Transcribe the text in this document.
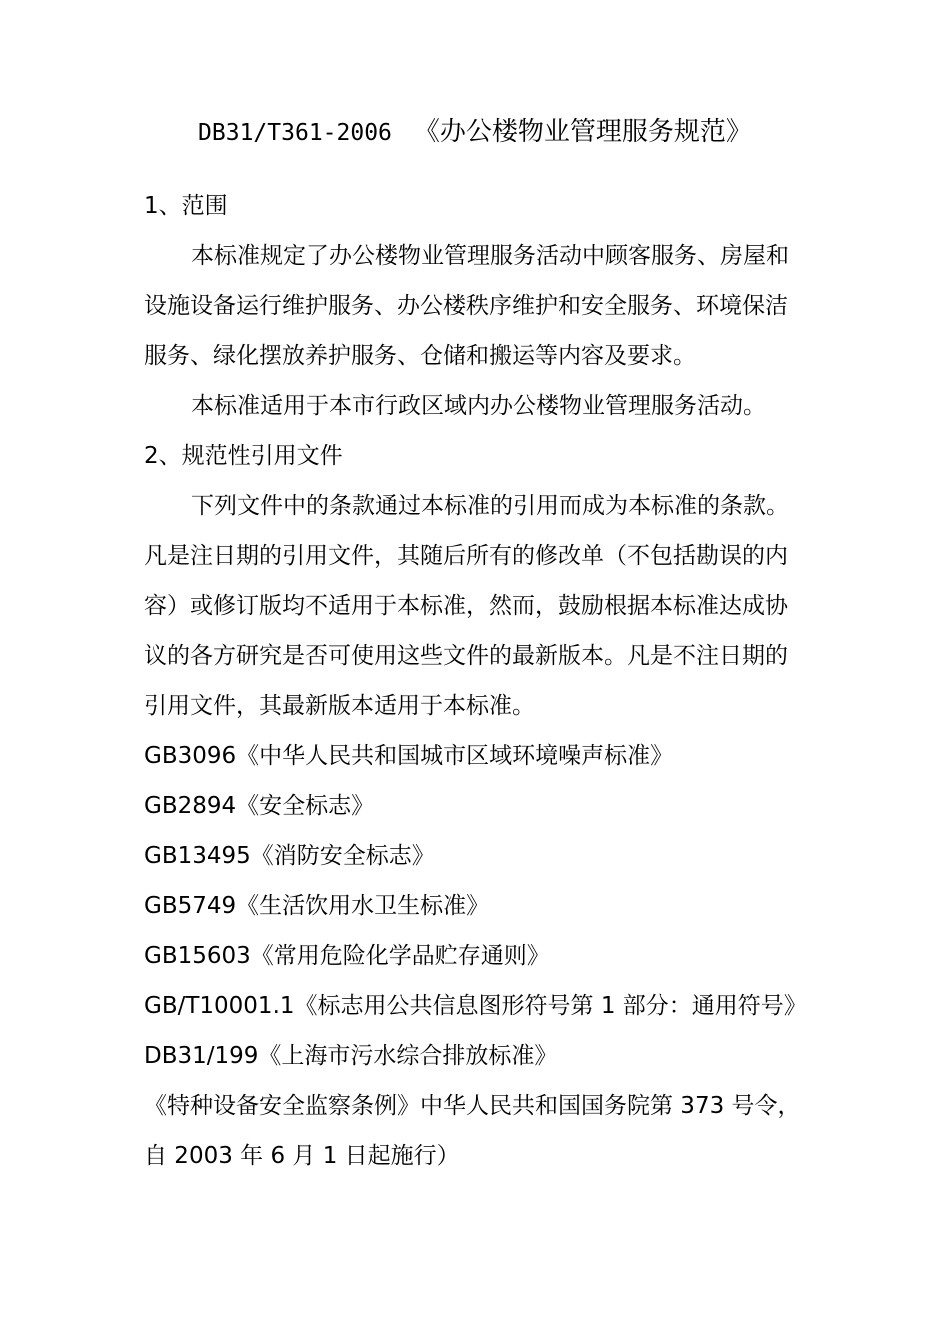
DB31/T361-2006 《办公楼物业管理服务规范》
1、范围
本标准规定了办公楼物业管理服务活动中顾客服务、房屋和
设施设备运行维护服务、办公楼秩序维护和安全服务、环境保洁
服务、绿化摆放养护服务、仓储和搬运等内容及要求。
本标准适用于本市行政区域内办公楼物业管理服务活动。
2、规范性引用文件
下列文件中的条款通过本标准的引用而成为本标准的条款。
凡是注日期的引用文件，其随后所有的修改单（不包括勘误的内
容）或修订版均不适用于本标准，然而，鼓励根据本标准达成协
议的各方研究是否可使用这些文件的最新版本。凡是不注日期的
引用文件，其最新版本适用于本标准。
GB3096《中华人民共和国城市区域环境噪声标准》
GB2894《安全标志》
GB13495《消防安全标志》
GB5749《生活饮用水卫生标准》
GB15603《常用危险化学品贮存通则》
GB/T10001.1《标志用公共信息图形符号第 1 部分：通用符号》
DB31/199《上海市污水综合排放标准》
《特种设备安全监察条例》中华人民共和国国务院第 373 号令，
自 2003 年 6 月 1 日起施行）
